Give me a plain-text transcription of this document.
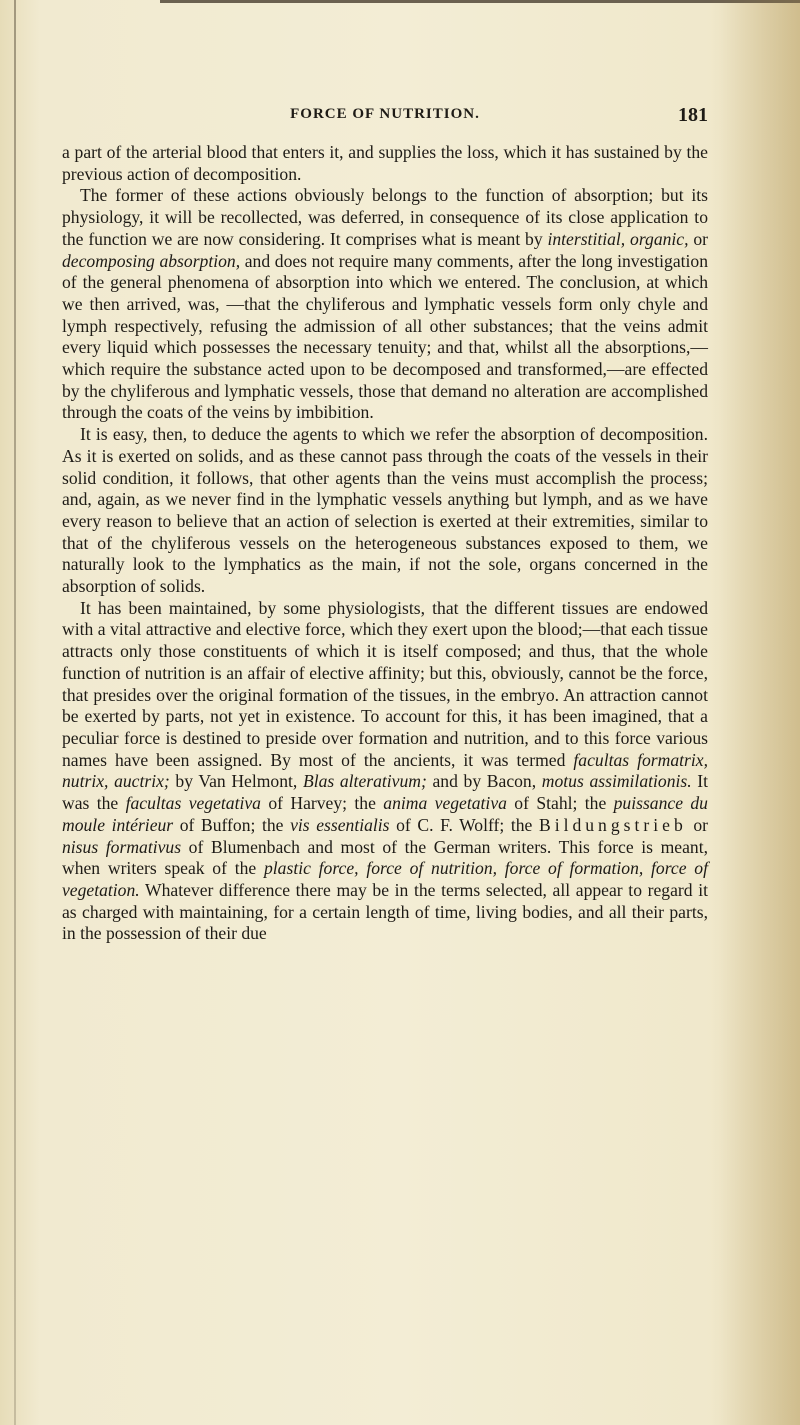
FORCE OF NUTRITION.	181

a part of the arterial blood that enters it, and supplies the loss, which it has sustained by the previous action of decomposition.

The former of these actions obviously belongs to the function of absorption; but its physiology, it will be recollected, was deferred, in consequence of its close application to the function we are now considering. It comprises what is meant by interstitial, organic, or decomposing absorption, and does not require many comments, after the long investigation of the general phenomena of absorption into which we entered. The conclusion, at which we then arrived, was, —that the chyliferous and lymphatic vessels form only chyle and lymph respectively, refusing the admission of all other substances; that the veins admit every liquid which possesses the necessary tenuity; and that, whilst all the absorptions,—which require the substance acted upon to be decomposed and transformed,—are effected by the chyliferous and lymphatic vessels, those that demand no alteration are accomplished through the coats of the veins by imbibition.

It is easy, then, to deduce the agents to which we refer the absorption of decomposition. As it is exerted on solids, and as these cannot pass through the coats of the vessels in their solid condition, it follows, that other agents than the veins must accomplish the process; and, again, as we never find in the lymphatic vessels anything but lymph, and as we have every reason to believe that an action of selection is exerted at their extremities, similar to that of the chyliferous vessels on the heterogeneous substances exposed to them, we naturally look to the lymphatics as the main, if not the sole, organs concerned in the absorption of solids.

It has been maintained, by some physiologists, that the different tissues are endowed with a vital attractive and elective force, which they exert upon the blood;—that each tissue attracts only those constituents of which it is itself composed; and thus, that the whole function of nutrition is an affair of elective affinity; but this, obviously, cannot be the force, that presides over the original formation of the tissues, in the embryo. An attraction cannot be exerted by parts, not yet in existence. To account for this, it has been imagined, that a peculiar force is destined to preside over formation and nutrition, and to this force various names have been assigned. By most of the ancients, it was termed facultas formatrix, nutrix, auctrix; by Van Helmont, Blas alterativum; and by Bacon, motus assimilationis. It was the facultas vegetativa of Harvey; the anima vegetativa of Stahl; the puissance du moule intérieur of Buffon; the vis essentialis of C. F. Wolff; the Bildungstrieb or nisus formativus of Blumenbach and most of the German writers. This force is meant, when writers speak of the plastic force, force of nutrition, force of formation, force of vegetation. Whatever difference there may be in the terms selected, all appear to regard it as charged with maintaining, for a certain length of time, living bodies, and all their parts, in the possession of their due
